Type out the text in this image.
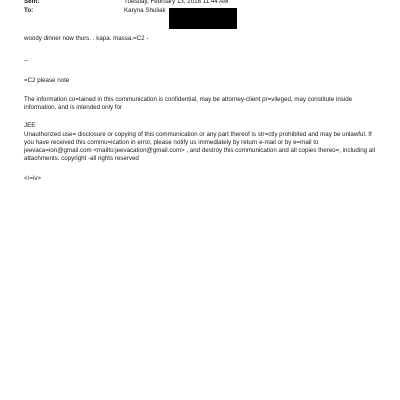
Sent:	Tuesday, February 13, 2018 11:44 AM
To:	Karyna Shuliak
woody dinner now thurs. . kapa. massa.=C2 -
--
=C2 please note
The information co=tained in this communication is confidential, may be attorney-client pr=vileged, may constitute inside information, and is intended only for
JEE
Unauthorized use= disclosure or copying of this communication or any part thereof is str=ctly prohibited and may be unlawful. If you have received this commu=ication in error, please notify us immediately by return e-mail or by e=mail to jeevaca=ion@gmail.com <mailto:jeevacation@gmail.com> , and destroy this communication and all copies thereo=, including all attachments. copyright -all rights reserved
</=iv>
